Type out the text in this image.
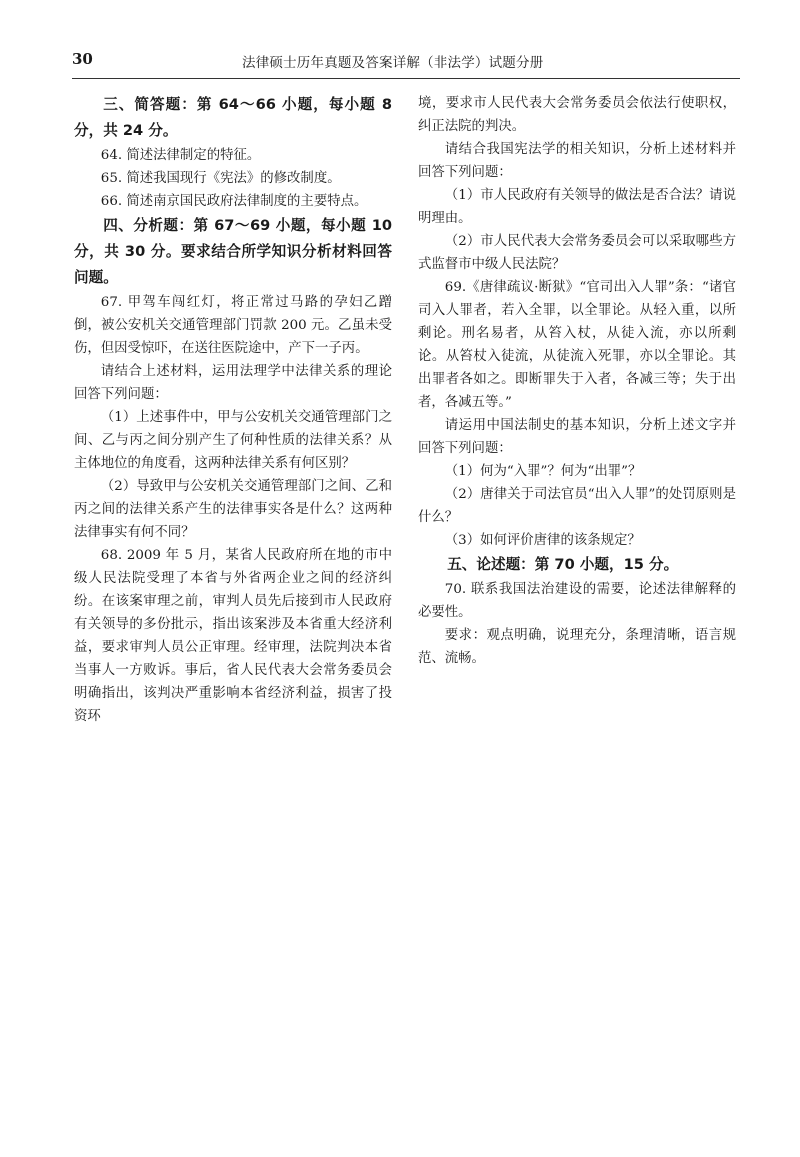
30	法律硕士历年真题及答案详解（非法学）试题分册

三、简答题：第 64～66 小题，每小题 8 分，共 24 分。

64. 简述法律制定的特征。

65. 简述我国现行《宪法》的修改制度。

66. 简述南京国民政府法律制度的主要特点。

四、分析题：第 67～69 小题，每小题 10 分，共 30 分。要求结合所学知识分析材料回答问题。

67. 甲驾车闯红灯，将正常过马路的孕妇乙蹭倒，被公安机关交通管理部门罚款 200 元。乙虽未受伤，但因受惊吓，在送往医院途中，产下一子丙。

请结合上述材料，运用法理学中法律关系的理论回答下列问题：

（1）上述事件中，甲与公安机关交通管理部门之间、乙与丙之间分别产生了何种性质的法律关系？从主体地位的角度看，这两种法律关系有何区别？

（2）导致甲与公安机关交通管理部门之间、乙和丙之间的法律关系产生的法律事实各是什么？这两种法律事实有何不同？

68. 2009 年 5 月，某省人民政府所在地的市中级人民法院受理了本省与外省两企业之间的经济纠纷。在该案审理之前，审判人员先后接到市人民政府有关领导的多份批示，指出该案涉及本省重大经济利益，要求审判人员公正审理。经审理，法院判决本省当事人一方败诉。事后，省人民代表大会常务委员会明确指出，该判决严重影响本省经济利益，损害了投资环

境，要求市人民代表大会常务委员会依法行使职权，纠正法院的判决。

请结合我国宪法学的相关知识，分析上述材料并回答下列问题：

（1）市人民政府有关领导的做法是否合法？请说明理由。

（2）市人民代表大会常务委员会可以采取哪些方式监督市中级人民法院？

69.《唐律疏议·断狱》“官司出入人罪”条：“诸官司入人罪者，若入全罪，以全罪论。从轻入重，以所剩论。刑名易者，从笞入杖，从徒入流，亦以所剩论。从笞杖入徒流，从徒流入死罪，亦以全罪论。其出罪者各如之。即断罪失于入者，各减三等；失于出者，各减五等。”

请运用中国法制史的基本知识，分析上述文字并回答下列问题：

（1）何为“入罪”？何为“出罪”？

（2）唐律关于司法官员“出入人罪”的处罚原则是什么？

（3）如何评价唐律的该条规定？

五、论述题：第 70 小题，15 分。

70. 联系我国法治建设的需要，论述法律解释的必要性。

要求：观点明确，说理充分，条理清晰，语言规范、流畅。
